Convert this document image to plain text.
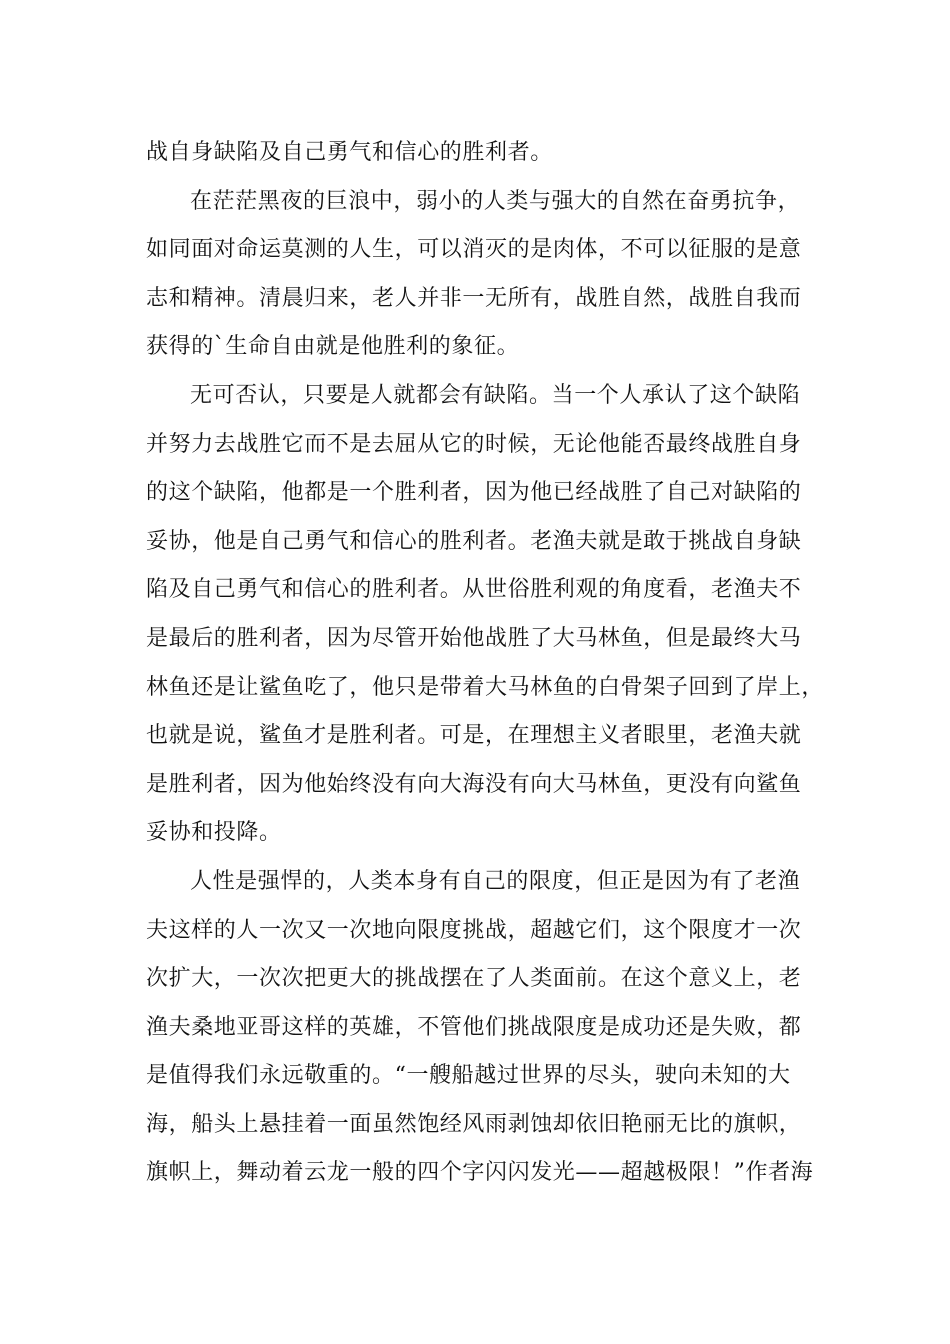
战自身缺陷及自己勇气和信心的胜利者。
在茫茫黑夜的巨浪中，弱小的人类与强大的自然在奋勇抗争，
如同面对命运莫测的人生，可以消灭的是肉体，不可以征服的是意
志和精神。清晨归来，老人并非一无所有，战胜自然，战胜自我而
获得的`生命自由就是他胜利的象征。
无可否认，只要是人就都会有缺陷。当一个人承认了这个缺陷
并努力去战胜它而不是去屈从它的时候，无论他能否最终战胜自身
的这个缺陷，他都是一个胜利者，因为他已经战胜了自己对缺陷的
妥协，他是自己勇气和信心的胜利者。老渔夫就是敢于挑战自身缺
陷及自己勇气和信心的胜利者。从世俗胜利观的角度看，老渔夫不
是最后的胜利者，因为尽管开始他战胜了大马林鱼，但是最终大马
林鱼还是让鲨鱼吃了，他只是带着大马林鱼的白骨架子回到了岸上，
也就是说，鲨鱼才是胜利者。可是，在理想主义者眼里，老渔夫就
是胜利者，因为他始终没有向大海没有向大马林鱼，更没有向鲨鱼
妥协和投降。
人性是强悍的，人类本身有自己的限度，但正是因为有了老渔
夫这样的人一次又一次地向限度挑战，超越它们，这个限度才一次
次扩大，一次次把更大的挑战摆在了人类面前。在这个意义上，老
渔夫桑地亚哥这样的英雄，不管他们挑战限度是成功还是失败，都
是值得我们永远敬重的。“一艘船越过世界的尽头，驶向未知的大
海，船头上悬挂着一面虽然饱经风雨剥蚀却依旧艳丽无比的旗帜，
旗帜上，舞动着云龙一般的四个字闪闪发光——超越极限！”作者海
